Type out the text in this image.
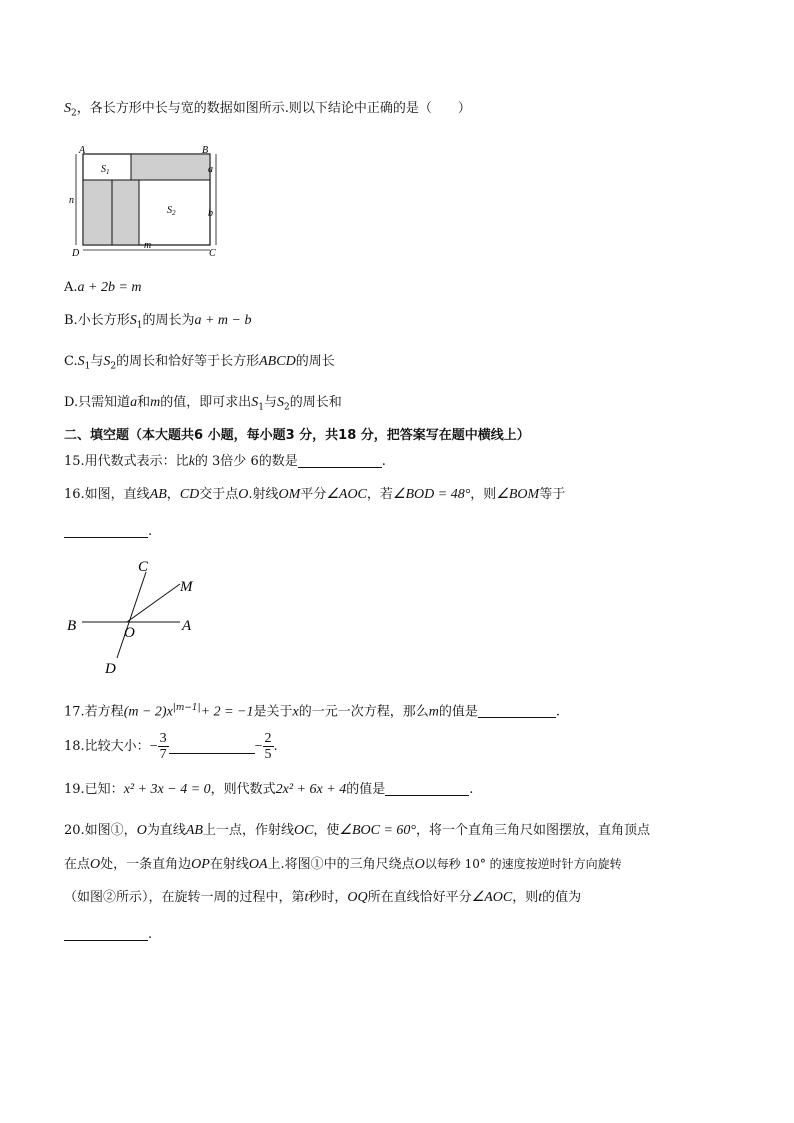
$S_2$，各长方形中长与宽的数据如图所示.则以下结论中正确的是（　　）
A	B
C
D
a
b
n
m
$S_1$
$S_2$
A.a + 2b = m
B.小长方形$S_1$的周长为a + m − b
$C.S_1$与$S_2$的周长和恰好等于长方形ABCD的周长
D.只需知道a和m的值，即可求出$S_1$与$S_2$的周长和
二、填空题（本大题共6 小题，每小题3 分，共18 分，把答案写在题中横线上）
15.用代数式表示：比k的 3倍少 6的数是	.
16.如图，直线AB，CD交于点O.射线OM平分∠AOC，若∠BOD = 48°，则∠BOM等于
.
C
M
B	O	A
D
17.若方程$(m - 2)x^{|m-1|}+ 2 = -1$是关于x的一元一次方程，那么m的值是	.
18.比较大小：− $\frac{3}{7}$	− $\frac{2}{5}$ .
19.已知：x² + 3x − 4 = 0，则代数式2x² + 6x + 4的值是	.
20.如图①，O为直线AB上一点，作射线OC，使∠BOC = 60°，将一个直角三角尺如图摆放，直角顶点
在点O处，一条直角边OP在射线OA上.将图①中的三角尺绕点O以每秒 10° 的速度按逆时针方向旋转
（如图②所示），在旋转一周的过程中，第t秒时，OQ所在直线恰好平分∠AOC，则t的值为
.
